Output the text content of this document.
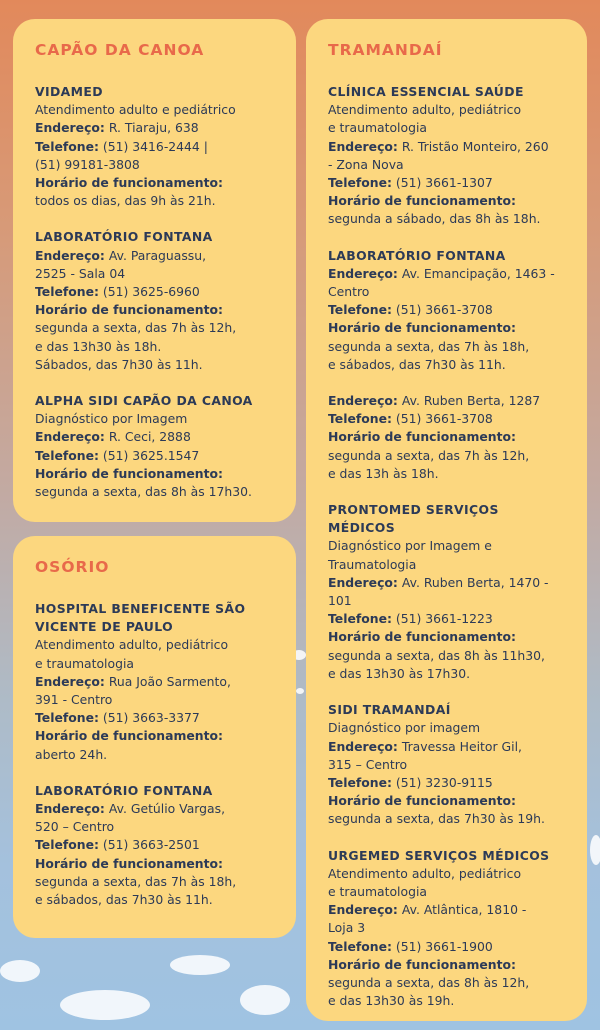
CAPÃO DA CANOA
VIDAMED
Atendimento adulto e pediátrico
Endereço: R. Tiaraju, 638
Telefone: (51) 3416-2444 |
(51) 99181-3808
Horário de funcionamento:
todos os dias, das 9h às 21h.
LABORATÓRIO FONTANA
Endereço: Av. Paraguassu,
2525 - Sala 04
Telefone: (51) 3625-6960
Horário de funcionamento:
segunda a sexta, das 7h às 12h,
e das 13h30 às 18h.
Sábados, das 7h30 às 11h.
ALPHA SIDI CAPÃO DA CANOA
Diagnóstico por Imagem
Endereço: R. Ceci, 2888
Telefone: (51) 3625.1547
Horário de funcionamento:
segunda a sexta, das 8h às 17h30.
OSÓRIO
HOSPITAL BENEFICENTE SÃO
VICENTE DE PAULO
Atendimento adulto, pediátrico
e traumatologia
Endereço: Rua João Sarmento,
391 - Centro
Telefone: (51) 3663-3377
Horário de funcionamento:
aberto 24h.
LABORATÓRIO FONTANA
Endereço: Av. Getúlio Vargas,
520 – Centro
Telefone: (51) 3663-2501
Horário de funcionamento:
segunda a sexta, das 7h às 18h,
e sábados, das 7h30 às 11h.
TRAMANDAÍ
CLÍNICA ESSENCIAL SAÚDE
Atendimento adulto, pediátrico
e traumatologia
Endereço: R. Tristão Monteiro, 260
- Zona Nova
Telefone: (51) 3661-1307
Horário de funcionamento:
segunda a sábado, das 8h às 18h.
LABORATÓRIO FONTANA
Endereço: Av. Emancipação, 1463 -
Centro
Telefone: (51) 3661-3708
Horário de funcionamento:
segunda a sexta, das 7h às 18h,
e sábados, das 7h30 às 11h.
Endereço: Av. Ruben Berta, 1287
Telefone: (51) 3661-3708
Horário de funcionamento:
segunda a sexta, das 7h às 12h,
e das 13h às 18h.
PRONTOMED SERVIÇOS MÉDICOS
Diagnóstico por Imagem e
Traumatologia
Endereço: Av. Ruben Berta, 1470 -
101
Telefone: (51) 3661-1223
Horário de funcionamento:
segunda a sexta, das 8h às 11h30,
e das 13h30 às 17h30.
SIDI TRAMANDAÍ
Diagnóstico por imagem
Endereço: Travessa Heitor Gil,
315 – Centro
Telefone: (51) 3230-9115
Horário de funcionamento:
segunda a sexta, das 7h30 às 19h.
URGEMED SERVIÇOS MÉDICOS
Atendimento adulto, pediátrico
e traumatologia
Endereço: Av. Atlântica, 1810 -
Loja 3
Telefone: (51) 3661-1900
Horário de funcionamento:
segunda a sexta, das 8h às 12h,
e das 13h30 às 19h.
